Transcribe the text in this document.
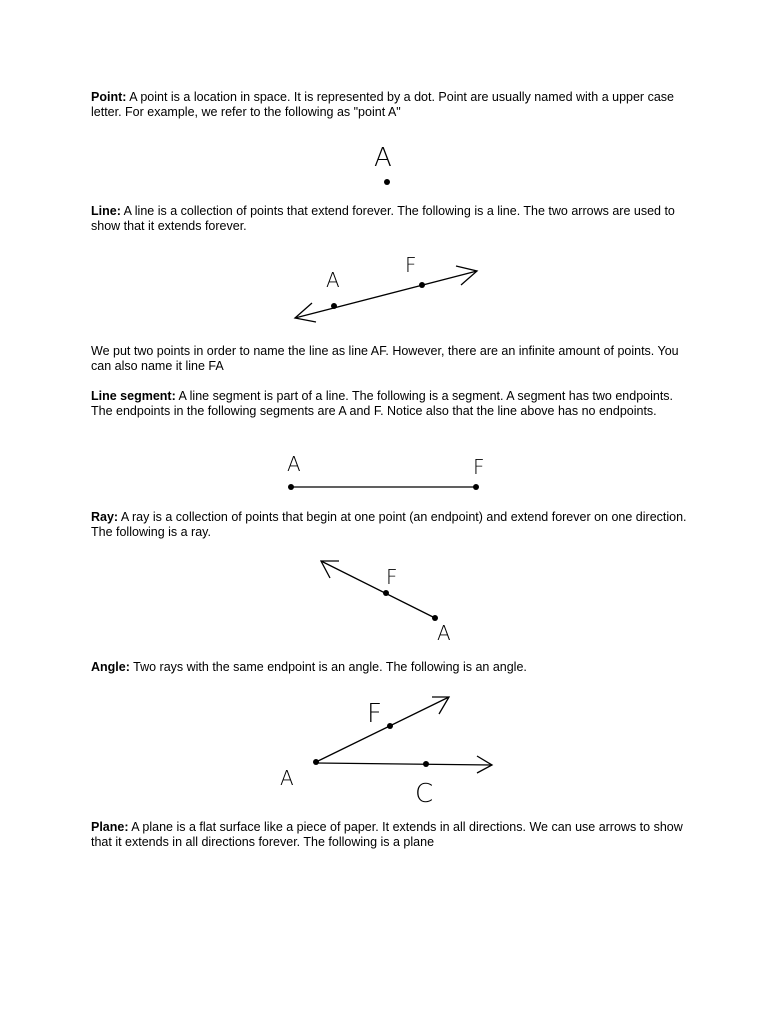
Point: A point is a location in space. It is represented by a dot. Point are usually named with a upper case letter. For example, we refer to the following as "point A"

A

Line: A line is a collection of points that extend forever. The following is a line. The two arrows are used to show that it extends forever.

A
F

We put two points in order to name the line as line AF. However, there are an infinite amount of points. You can also name it line FA

Line segment: A line segment is part of a line. The following is a segment. A segment has two endpoints. The endpoints in the following segments are A and F. Notice also that the line above has no endpoints.

A	F

Ray: A ray is a collection of points that begin at one point (an endpoint) and extend forever on one direction. The following is a ray.

F
A

Angle: Two rays with the same endpoint is an angle. The following is an angle.

F
A
C

Plane: A plane is a flat surface like a piece of paper. It extends in all directions. We can use arrows to show that it extends in all directions forever. The following is a plane
